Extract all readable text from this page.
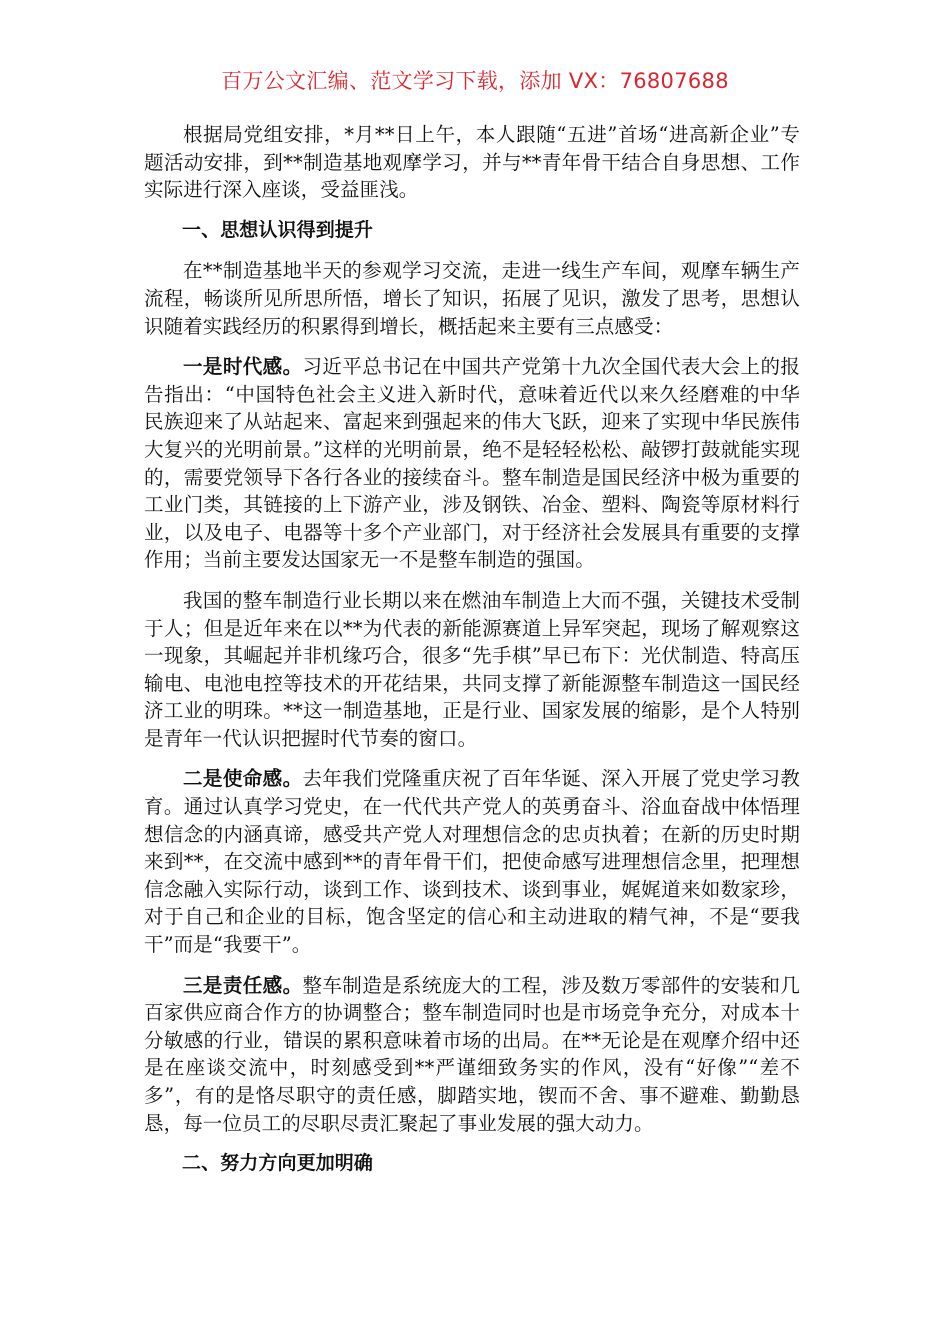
百万公文汇编、范文学习下载，添加 VX：76807688

根据局党组安排，*月**日上午，本人跟随“五进”首场“进高新企业”专题活动安排，到**制造基地观摩学习，并与**青年骨干结合自身思想、工作实际进行深入座谈，受益匪浅。

一、思想认识得到提升

在**制造基地半天的参观学习交流，走进一线生产车间，观摩车辆生产流程，畅谈所见所思所悟，增长了知识，拓展了见识，激发了思考，思想认识随着实践经历的积累得到增长，概括起来主要有三点感受：

一是时代感。习近平总书记在中国共产党第十九次全国代表大会上的报告指出：“中国特色社会主义进入新时代，意味着近代以来久经磨难的中华民族迎来了从站起来、富起来到强起来的伟大飞跃，迎来了实现中华民族伟大复兴的光明前景。”这样的光明前景，绝不是轻轻松松、敲锣打鼓就能实现的，需要党领导下各行各业的接续奋斗。整车制造是国民经济中极为重要的工业门类，其链接的上下游产业，涉及钢铁、冶金、塑料、陶瓷等原材料行业，以及电子、电器等十多个产业部门，对于经济社会发展具有重要的支撑作用；当前主要发达国家无一不是整车制造的强国。

我国的整车制造行业长期以来在燃油车制造上大而不强，关键技术受制于人；但是近年来在以**为代表的新能源赛道上异军突起，现场了解观察这一现象，其崛起并非机缘巧合，很多“先手棋”早已布下：光伏制造、特高压输电、电池电控等技术的开花结果，共同支撑了新能源整车制造这一国民经济工业的明珠。**这一制造基地，正是行业、国家发展的缩影，是个人特别是青年一代认识把握时代节奏的窗口。

二是使命感。去年我们党隆重庆祝了百年华诞、深入开展了党史学习教育。通过认真学习党史，在一代代共产党人的英勇奋斗、浴血奋战中体悟理想信念的内涵真谛，感受共产党人对理想信念的忠贞执着；在新的历史时期来到**，在交流中感到**的青年骨干们，把使命感写进理想信念里，把理想信念融入实际行动，谈到工作、谈到技术、谈到事业，娓娓道来如数家珍，对于自己和企业的目标，饱含坚定的信心和主动进取的精气神，不是“要我干”而是“我要干”。

三是责任感。整车制造是系统庞大的工程，涉及数万零部件的安装和几百家供应商合作方的协调整合；整车制造同时也是市场竞争充分，对成本十分敏感的行业，错误的累积意味着市场的出局。在**无论是在观摩介绍中还是在座谈交流中，时刻感受到**严谨细致务实的作风，没有“好像”“差不多”，有的是恪尽职守的责任感，脚踏实地，锲而不舍、事不避难、勤勤恳恳，每一位员工的尽职尽责汇聚起了事业发展的强大动力。

二、努力方向更加明确
